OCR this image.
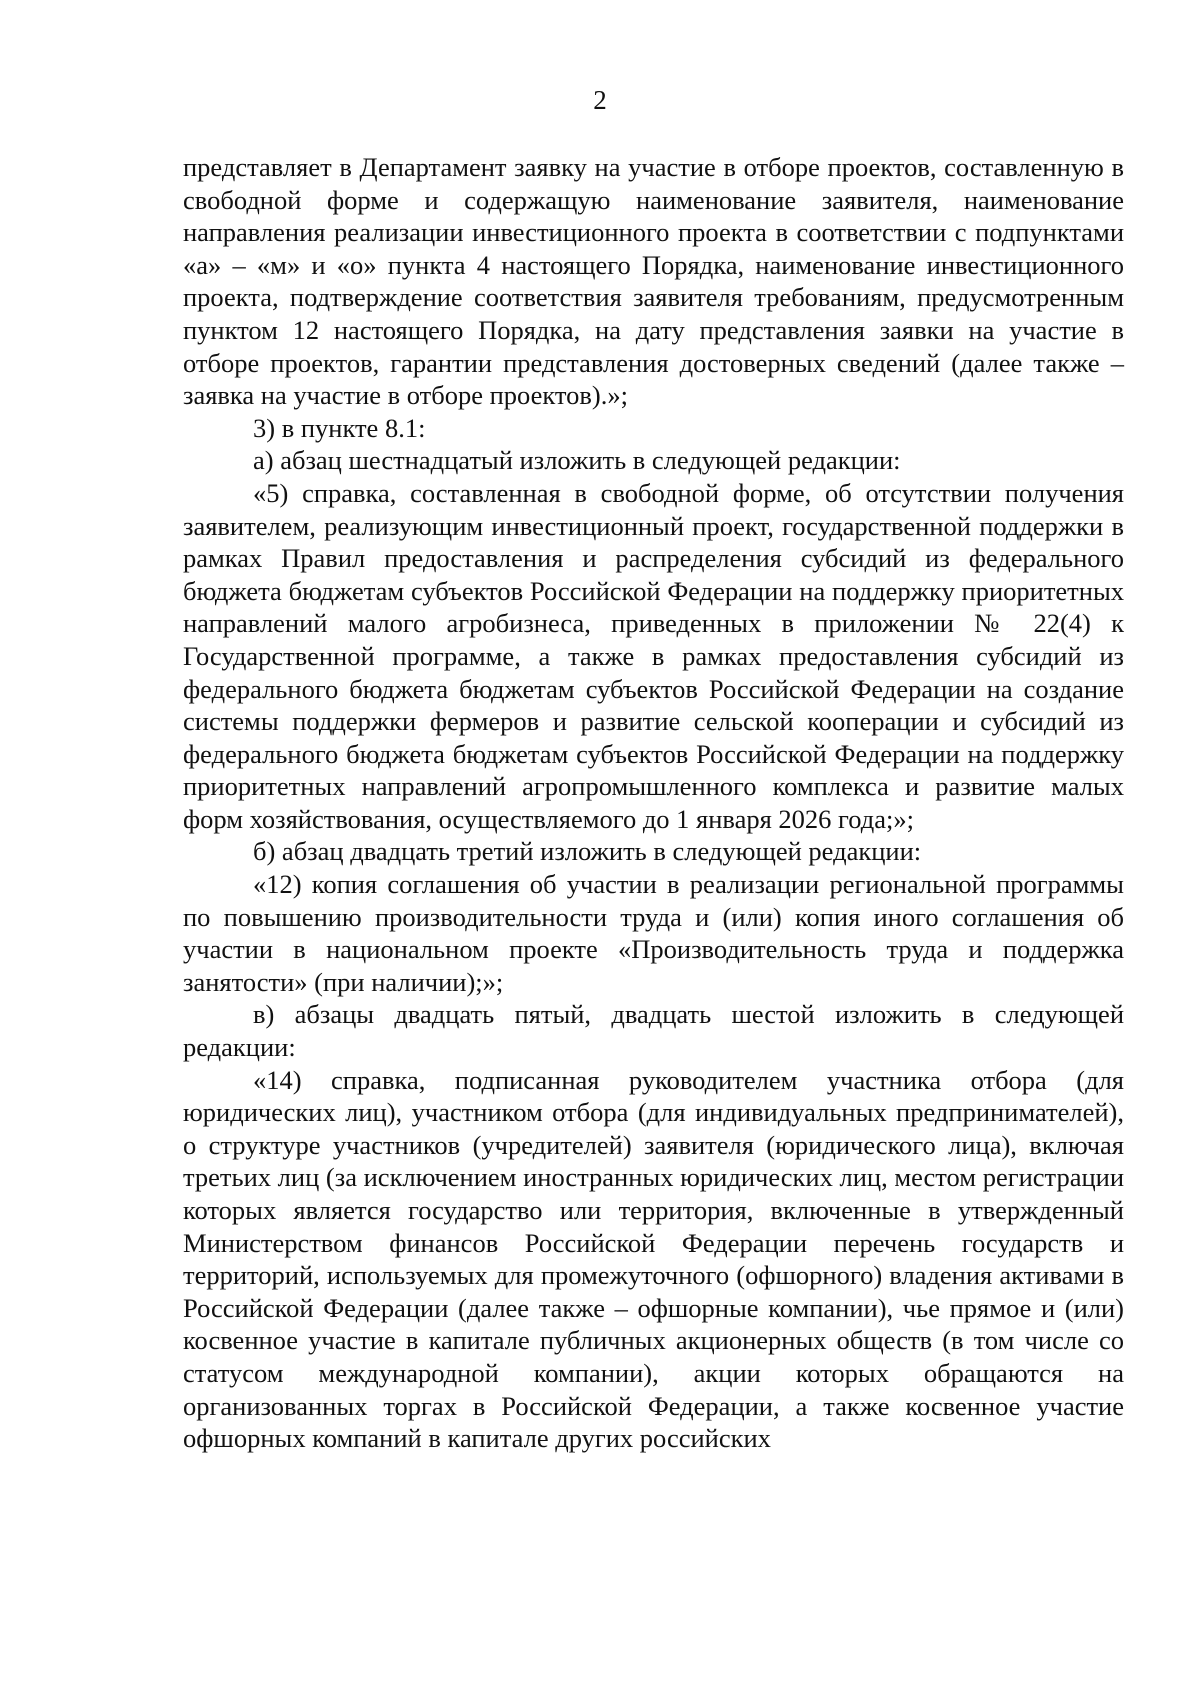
2

представляет в Департамент заявку на участие в отборе проектов, составленную в свободной форме и содержащую наименование заявителя, наименование направления реализации инвестиционного проекта в соответствии с подпунктами «а» – «м» и «о» пункта 4 настоящего Порядка, наименование инвестиционного проекта, подтверждение соответствия заявителя требованиям, предусмотренным пунктом 12 настоящего Порядка, на дату представления заявки на участие в отборе проектов, гарантии представления достоверных сведений (далее также – заявка на участие в отборе проектов).»;

3) в пункте 8.1:

а) абзац шестнадцатый изложить в следующей редакции:

«5) справка, составленная в свободной форме, об отсутствии получения заявителем, реализующим инвестиционный проект, государственной поддержки в рамках Правил предоставления и распределения субсидий из федерального бюджета бюджетам субъектов Российской Федерации на поддержку приоритетных направлений малого агробизнеса, приведенных в приложении № 22(4) к Государственной программе, а также в рамках предоставления субсидий из федерального бюджета бюджетам субъектов Российской Федерации на создание системы поддержки фермеров и развитие сельской кооперации и субсидий из федерального бюджета бюджетам субъектов Российской Федерации на поддержку приоритетных направлений агропромышленного комплекса и развитие малых форм хозяйствования, осуществляемого до 1 января 2026 года;»;

б) абзац двадцать третий изложить в следующей редакции:

«12) копия соглашения об участии в реализации региональной программы по повышению производительности труда и (или) копия иного соглашения об участии в национальном проекте «Производительность труда и поддержка занятости» (при наличии);»;

в) абзацы двадцать пятый, двадцать шестой изложить в следующей редакции:

«14) справка, подписанная руководителем участника отбора (для юридических лиц), участником отбора (для индивидуальных предпринимателей), о структуре участников (учредителей) заявителя (юридического лица), включая третьих лиц (за исключением иностранных юридических лиц, местом регистрации которых является государство или территория, включенные в утвержденный Министерством финансов Российской Федерации перечень государств и территорий, используемых для промежуточного (офшорного) владения активами в Российской Федерации (далее также – офшорные компании), чье прямое и (или) косвенное участие в капитале публичных акционерных обществ (в том числе со статусом международной компании), акции которых обращаются на организованных торгах в Российской Федерации, а также косвенное участие офшорных компаний в капитале других российских
